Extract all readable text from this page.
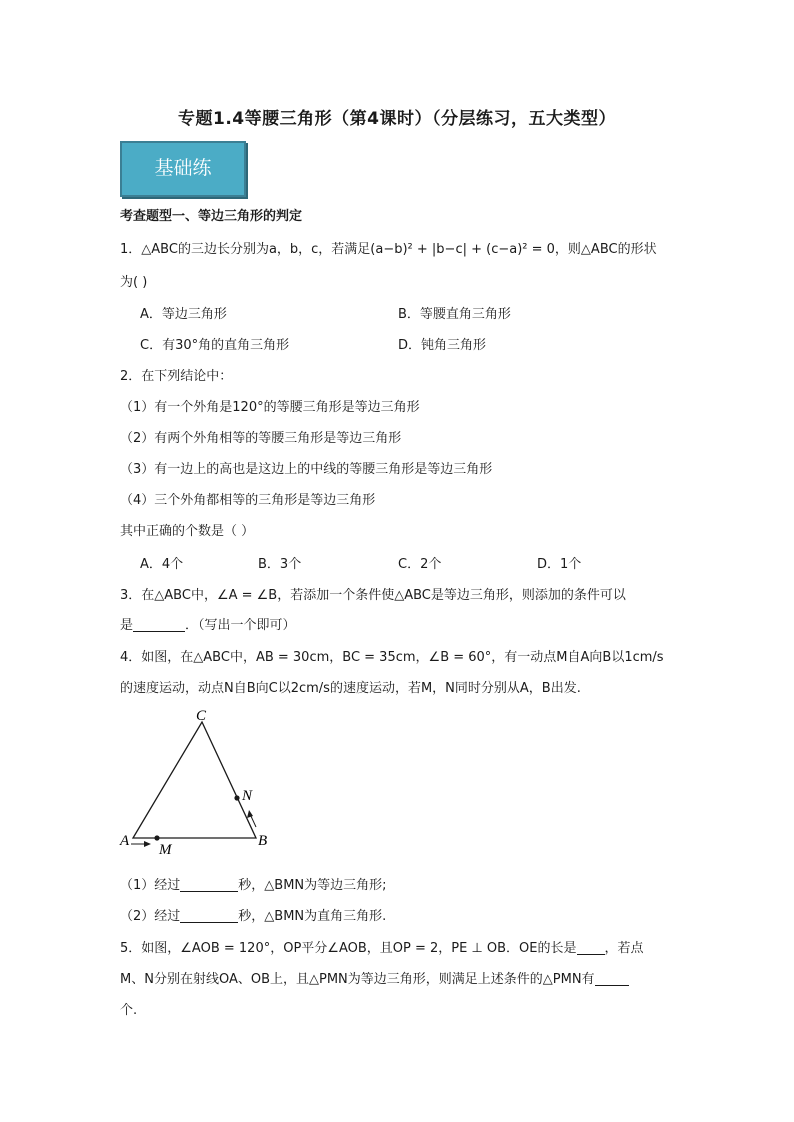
专题1.4等腰三角形（第4课时）（分层练习，五大类型）
基础练
考查题型一、等边三角形的判定
1．△ABC的三边长分别为a，b，c，若满足(a−b)² + |b−c| + (c−a)² = 0，则△ABC的形状
为( )
A．等边三角形	B．等腰直角三角形
C．有30°角的直角三角形	D．钝角三角形
2．在下列结论中：
（1）有一个外角是120°的等腰三角形是等边三角形
（2）有两个外角相等的等腰三角形是等边三角形
（3）有一边上的高也是这边上的中线的等腰三角形是等边三角形
（4）三个外角都相等的三角形是等边三角形
其中正确的个数是（ ）
A．4个	B．3个	C．2个	D．1个
3．在△ABC中，∠A = ∠B，若添加一个条件使△ABC是等边三角形，则添加的条件可以
是	．（写出一个即可）
4．如图，在△ABC中，AB = 30cm，BC = 35cm，∠B = 60°，有一动点M自A向B以1cm/s
的速度运动，动点N自B向C以2cm/s的速度运动，若M，N同时分别从A，B出发.
C
A	B
M
N
（1）经过	秒，△BMN为等边三角形;
（2）经过	秒，△BMN为直角三角形.
5．如图，∠AOB = 120°，OP平分∠AOB，且OP = 2，PE ⊥ OB．OE的长是 ，若点
M、N分别在射线OA、OB上，且△PMN为等边三角形，则满足上述条件的△PMN有
个.
